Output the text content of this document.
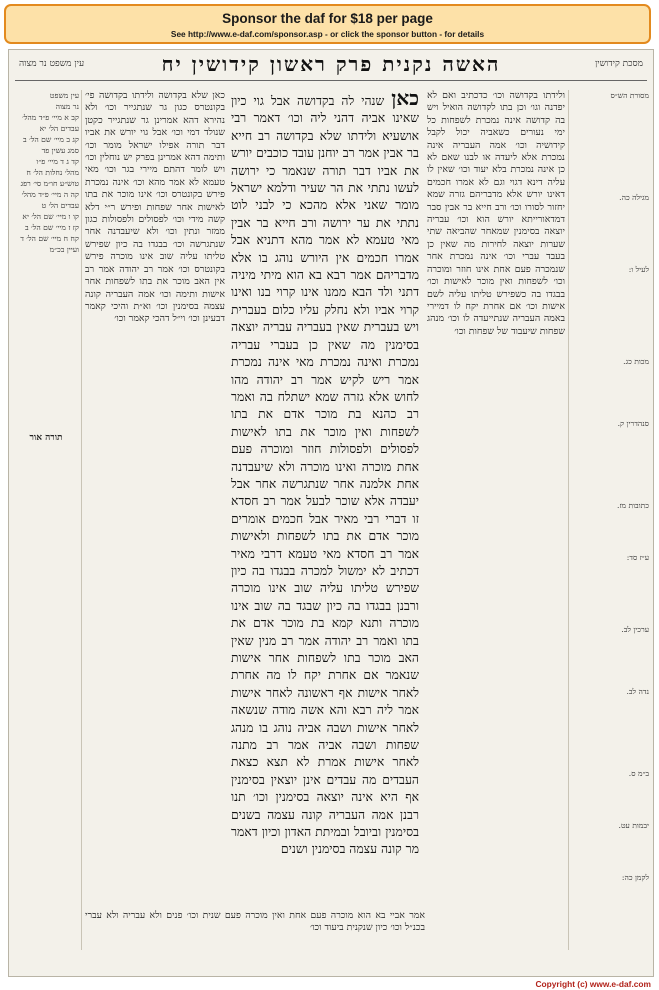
Sponsor the daf for $18 per page
See http://www.e-daf.com/sponsor.asp - or click the sponsor button - for details
עין משפט נר מצוה	האשה נקנית פרק ראשון קידושין יח	מסכת קידושין
עין משפט
נר מצוה
קב א מיי׳ פ״ד מהל׳
עבדים הל׳ יא
קג ב מיי׳ שם הל׳ ב
סמג עשין פד
קד ג ד מיי׳ פ״ו
מהל׳ נחלות הל׳ ח
טוש״ע חו״מ סי׳ רפג
קה ה מיי׳ פ״ד מהל׳
עבדים הל׳ ט
קו ו מיי׳ שם הל׳ יא
קז ז מיי׳ שם הל׳ ב
קח ח מיי׳ שם הל׳ ד
ועיין בכ״מ
תורה אור
כאן שלא בקדושה ולידתו בקדושה פי׳ בקונטרס כגון גר שנתגייר וכו׳ ולא נהירא דהא אמרינן גר שנתגייר כקטן שנולד דמי וכו׳ אבל גוי יורש את אביו דבר תורה אפילו ישראל מומר וכו׳ ותימה דהא אמרינן בפרק יש נוחלין וכו׳ ויש לומר דהתם מיירי בגר וכו׳ מאי טעמא לא אמר מהא וכו׳ אינה נמכרת פירש בקונטרס וכו׳ אינו מוכר את בתו לאישות אחר שפחות ופירש ר״י דלא קשה מידי וכו׳ לפסולים ולפסולות כגון ממזר ונתין וכו׳ ולא שיעבדנה אחר שנתגרשה וכו׳ בבגדו בה כיון שפירש טליתו עליה שוב אינו מוכרה פירש בקונטרס וכו׳ אמר רב יהודה אמר רב אין האב מוכר את בתו לשפחות אחר אישות ותימה וכו׳ אמה העבריה קונה עצמה בסימנין וכו׳ וא״ת והיכי קאמר דבעינן וכו׳ וי״ל דהכי קאמר וכו׳
כאן שנהי לה בקדושה אבל גוי כיון שאינו אביה דהני ליה וכו׳ דאמר רבי אושעיא ולידתו שלא בקדושה רב חייא בר אבין אמר רב יוחנן עובד כוכבים יורש את אביו דבר תורה שנאמר כי ירושה לעשו נתתי את הר שעיר ודלמא ישראל מומר שאני אלא מהכא כי לבני לוט נתתי את ער ירושה ורב חייא בר אבין מאי טעמא לא אמר מהא דתניא אבל אמרו חכמים אין היורש נוהג בו אלא מדבריהם אמר רבא בא הוא מיתי מיניה דתני ולד הבא ממנו אינו קרוי בנו ואינו קרוי אביו ולא נחלק עליו כלום בעברית ויש בעברית שאין בעבריה עבריה יוצאה בסימנין מה שאין כן בעברי עבריה נמכרת ואינה נמכרת מאי אינה נמכרת אמר ריש לקיש אמר רב יהודה מהו לחוש אלא גזרה שמא ישתלח בה ואמר רב כהנא בת מוכר אדם את בתו לשפחות ואין מוכר את בתו לאישות לפסולים ולפסולות חוזר ומוכרה פעם אחת מוכרה ואינו מוכרה ולא שיעבדנה אחת אלמנה אחר שנתגרשה אחר אבל יעבדה אלא שוכר לבעל אמר רב חסדא זו דברי רבי מאיר אבל חכמים אומרים מוכר אדם את בתו לשפחות ולאישות אמר רב חסדא מאי טעמא דרבי מאיר דכתיב לא ימשול למכרה בבגדו בה כיון שפירש טליתו עליה שוב אינו מוכרה ורבנן בבגדו בה כיון שבגד בה שוב אינו מוכרה ותנא קמא בת מוכר אדם את בתו ואמר רב יהודה אמר רב מנין שאין האב מוכר בתו לשפחות אחר אישות שנאמר אם אחרת יקח לו מה אחרת לאחר אישות אף ראשונה לאחר אישות אמר ליה רבא והא אשה מודה שנשאה לאחר אישות ושבה אביה נוהג בו מנהג שפחות ושבה אביה אמר רב מתנה לאחר אישות אמרת לא תצא כצאת העבדים מה עבדים אינן יוצאין בסימנין אף היא אינה יוצאה בסימנין וכו׳ תנו רבנן אמה העבריה קונה עצמה בשנים בסימנין וביובל ובמיתת האדון וכיון דאמר מר קונה עצמה בסימנין ושנים
ולידתו בקדושה וכו׳ כדכתיב ואם לא יפדנה וגו׳ וכן בתו לקדושה הואיל ויש בה קדושה אינה נמכרת לשפחות כל ימי נעורים כשאביה יכול לקבל קידושיה וכו׳ אמה העבריה אינה נמכרת אלא ליעדה או לבנו שאם לא כן אינה נמכרת בלא יעוד וכו׳ שאין לו עליה דינא דגוי וגם לא אמרו חכמים דאינו יורש אלא מדבריהם גזרה שמא יחזור לסורו וכו׳ ורב חייא בר אבין סבר דמדאורייתא יורש הוא וכו׳ עבריה יוצאה בסימנין שמאחר שהביאה שתי שערות יוצאה לחירות מה שאין כן בעבד עברי וכו׳ אינה נמכרת אחר שנמכרה פעם אחת אינו חוזר ומוכרה וכו׳ לשפחות ואין מוכר לאישות וכו׳ בבגדו בה כשפירש טליתו עליה לשם אישות וכו׳ אם אחרת יקח לו דמיירי באמה העבריה שנתייעדה לו וכו׳ מנהג שפחות שיעבוד של שפחות וכו׳
אמר אביי בא הוא מוכרה פעם אחת ואין מוכרה פעם שנית וכו׳ פנים ולא עבריה ולא עברי בכנ״ל וכו׳ כיון שנקנית ביעוד וכו׳
מסורת הש״ס
מגילה כה.
לעיל ו:
מכות כג.
סנהדרין ק.
כתובות מז.
ע״ז סד:
ערכין לב.
נדה לב.
ב״מ ס.
יבמות עט.
לקמן כה:
Copyright (c) www.e-daf.com
